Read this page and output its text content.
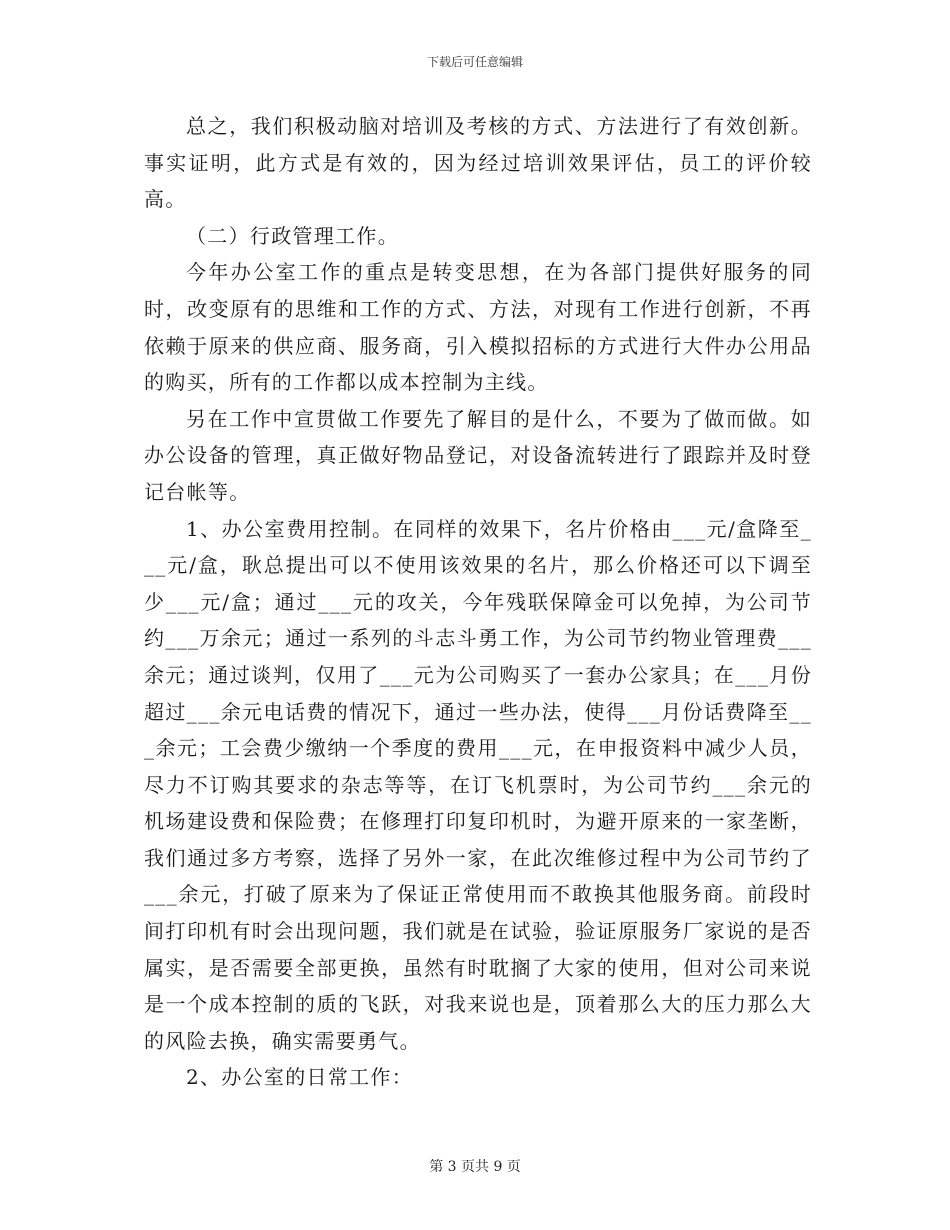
下载后可任意编辑

总之，我们积极动脑对培训及考核的方式、方法进行了有效创新。事实证明，此方式是有效的，因为经过培训效果评估，员工的评价较高。

（二）行政管理工作。

今年办公室工作的重点是转变思想，在为各部门提供好服务的同时，改变原有的思维和工作的方式、方法，对现有工作进行创新，不再依赖于原来的供应商、服务商，引入模拟招标的方式进行大件办公用品的购买，所有的工作都以成本控制为主线。

另在工作中宣贯做工作要先了解目的是什么，不要为了做而做。如办公设备的管理，真正做好物品登记，对设备流转进行了跟踪并及时登记台帐等。

1、办公室费用控制。在同样的效果下，名片价格由___元/盒降至___元/盒，耿总提出可以不使用该效果的名片，那么价格还可以下调至少___元/盒；通过___元的攻关，今年残联保障金可以免掉，为公司节约___万余元；通过一系列的斗志斗勇工作，为公司节约物业管理费___余元；通过谈判，仅用了___元为公司购买了一套办公家具；在___月份超过___余元电话费的情况下，通过一些办法，使得___月份话费降至___余元；工会费少缴纳一个季度的费用___元，在申报资料中减少人员，尽力不订购其要求的杂志等等，在订飞机票时，为公司节约___余元的机场建设费和保险费；在修理打印复印机时，为避开原来的一家垄断，我们通过多方考察，选择了另外一家，在此次维修过程中为公司节约了___余元，打破了原来为了保证正常使用而不敢换其他服务商。前段时间打印机有时会出现问题，我们就是在试验，验证原服务厂家说的是否属实，是否需要全部更换，虽然有时耽搁了大家的使用，但对公司来说是一个成本控制的质的飞跃，对我来说也是，顶着那么大的压力那么大的风险去换，确实需要勇气。

2、办公室的日常工作：

第 3 页共 9 页
